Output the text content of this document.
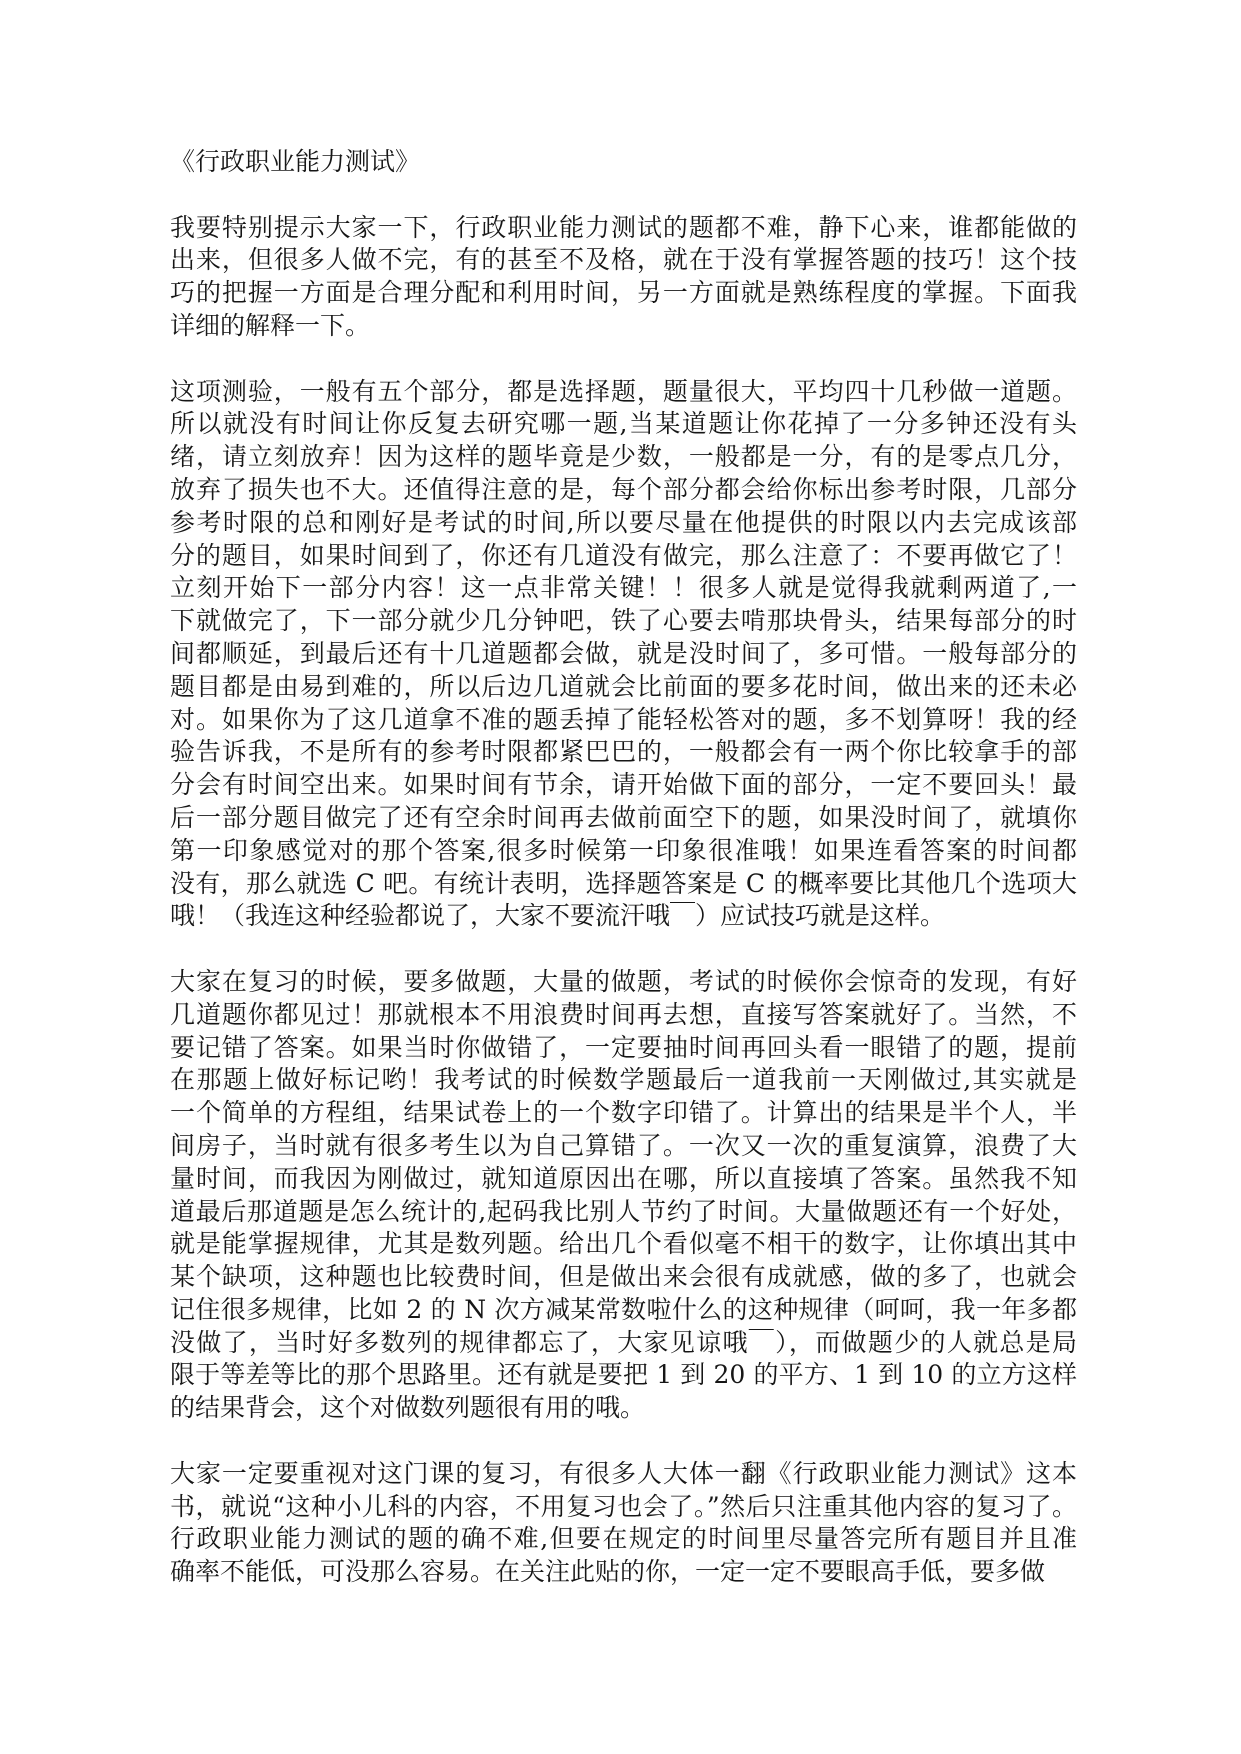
《行政职业能力测试》
我要特别提示大家一下，行政职业能力测试的题都不难，静下心来，谁都能做的
出来，但很多人做不完，有的甚至不及格，就在于没有掌握答题的技巧！这个技
巧的把握一方面是合理分配和利用时间，另一方面就是熟练程度的掌握。下面我
详细的解释一下。
这项测验，一般有五个部分，都是选择题，题量很大，平均四十几秒做一道题。
所以就没有时间让你反复去研究哪一题,当某道题让你花掉了一分多钟还没有头
绪，请立刻放弃！因为这样的题毕竟是少数，一般都是一分，有的是零点几分，
放弃了损失也不大。还值得注意的是，每个部分都会给你标出参考时限，几部分
参考时限的总和刚好是考试的时间,所以要尽量在他提供的时限以内去完成该部
分的题目，如果时间到了，你还有几道没有做完，那么注意了：不要再做它了！
立刻开始下一部分内容！这一点非常关键！！很多人就是觉得我就剩两道了,一
下就做完了，下一部分就少几分钟吧，铁了心要去啃那块骨头，结果每部分的时
间都顺延，到最后还有十几道题都会做，就是没时间了，多可惜。一般每部分的
题目都是由易到难的，所以后边几道就会比前面的要多花时间，做出来的还未必
对。如果你为了这几道拿不准的题丢掉了能轻松答对的题，多不划算呀！我的经
验告诉我，不是所有的参考时限都紧巴巴的，一般都会有一两个你比较拿手的部
分会有时间空出来。如果时间有节余，请开始做下面的部分，一定不要回头！最
后一部分题目做完了还有空余时间再去做前面空下的题，如果没时间了，就填你
第一印象感觉对的那个答案,很多时候第一印象很准哦！如果连看答案的时间都
没有，那么就选 C 吧。有统计表明，选择题答案是 C 的概率要比其他几个选项大
哦！（我连这种经验都说了，大家不要流汗哦￣）应试技巧就是这样。
大家在复习的时候，要多做题，大量的做题，考试的时候你会惊奇的发现，有好
几道题你都见过！那就根本不用浪费时间再去想，直接写答案就好了。当然，不
要记错了答案。如果当时你做错了，一定要抽时间再回头看一眼错了的题，提前
在那题上做好标记哟！我考试的时候数学题最后一道我前一天刚做过,其实就是
一个简单的方程组，结果试卷上的一个数字印错了。计算出的结果是半个人，半
间房子，当时就有很多考生以为自己算错了。一次又一次的重复演算，浪费了大
量时间，而我因为刚做过，就知道原因出在哪，所以直接填了答案。虽然我不知
道最后那道题是怎么统计的,起码我比别人节约了时间。大量做题还有一个好处，
就是能掌握规律，尤其是数列题。给出几个看似毫不相干的数字，让你填出其中
某个缺项，这种题也比较费时间，但是做出来会很有成就感，做的多了，也就会
记住很多规律，比如 2 的 N 次方减某常数啦什么的这种规律（呵呵，我一年多都
没做了，当时好多数列的规律都忘了，大家见谅哦￣），而做题少的人就总是局
限于等差等比的那个思路里。还有就是要把 1 到 20 的平方、1 到 10 的立方这样
的结果背会，这个对做数列题很有用的哦。
大家一定要重视对这门课的复习，有很多人大体一翻《行政职业能力测试》这本
书，就说“这种小儿科的内容，不用复习也会了。”然后只注重其他内容的复习了。
行政职业能力测试的题的确不难,但要在规定的时间里尽量答完所有题目并且准
确率不能低，可没那么容易。在关注此贴的你，一定一定不要眼高手低，要多做
